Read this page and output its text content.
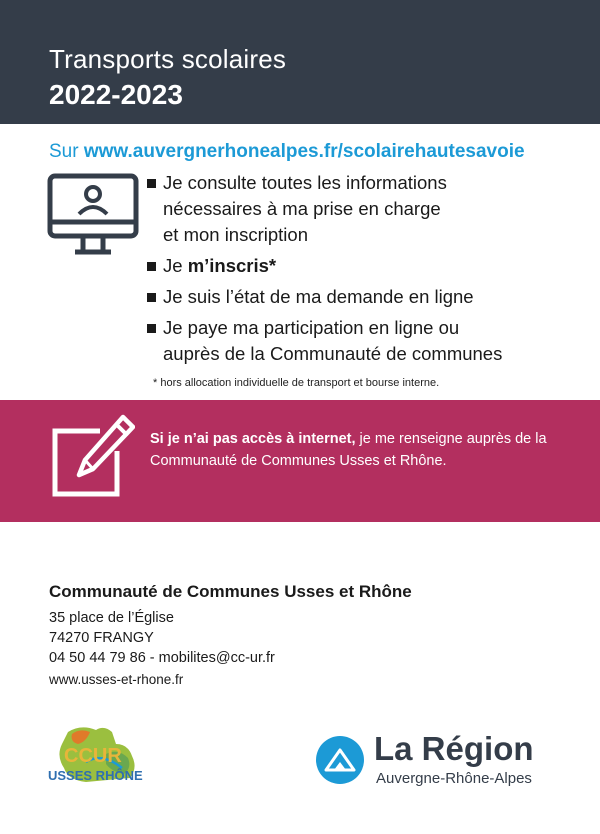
Transports scolaires
2022-2023
Sur www.auvergnerhonealpes.fr/scolairehautesavoie
Je consulte toutes les informations
nécessaires à ma prise en charge
et mon inscription
Je m’inscris*
Je suis l’état de ma demande en ligne
Je paye ma participation en ligne ou
auprès de la Communauté de communes
* hors allocation individuelle de transport et bourse interne.
Si je n’ai pas accès à internet, je me renseigne auprès de la Communauté de Communes Usses et Rhône.
Communauté de Communes Usses et Rhône
35 place de l’Église
74270 FRANGY
04 50 44 79 86 - mobilites@cc-ur.fr
www.usses-et-rhone.fr
CCUR
USSES RHÔNE
La Région
Auvergne-Rhône-Alpes
